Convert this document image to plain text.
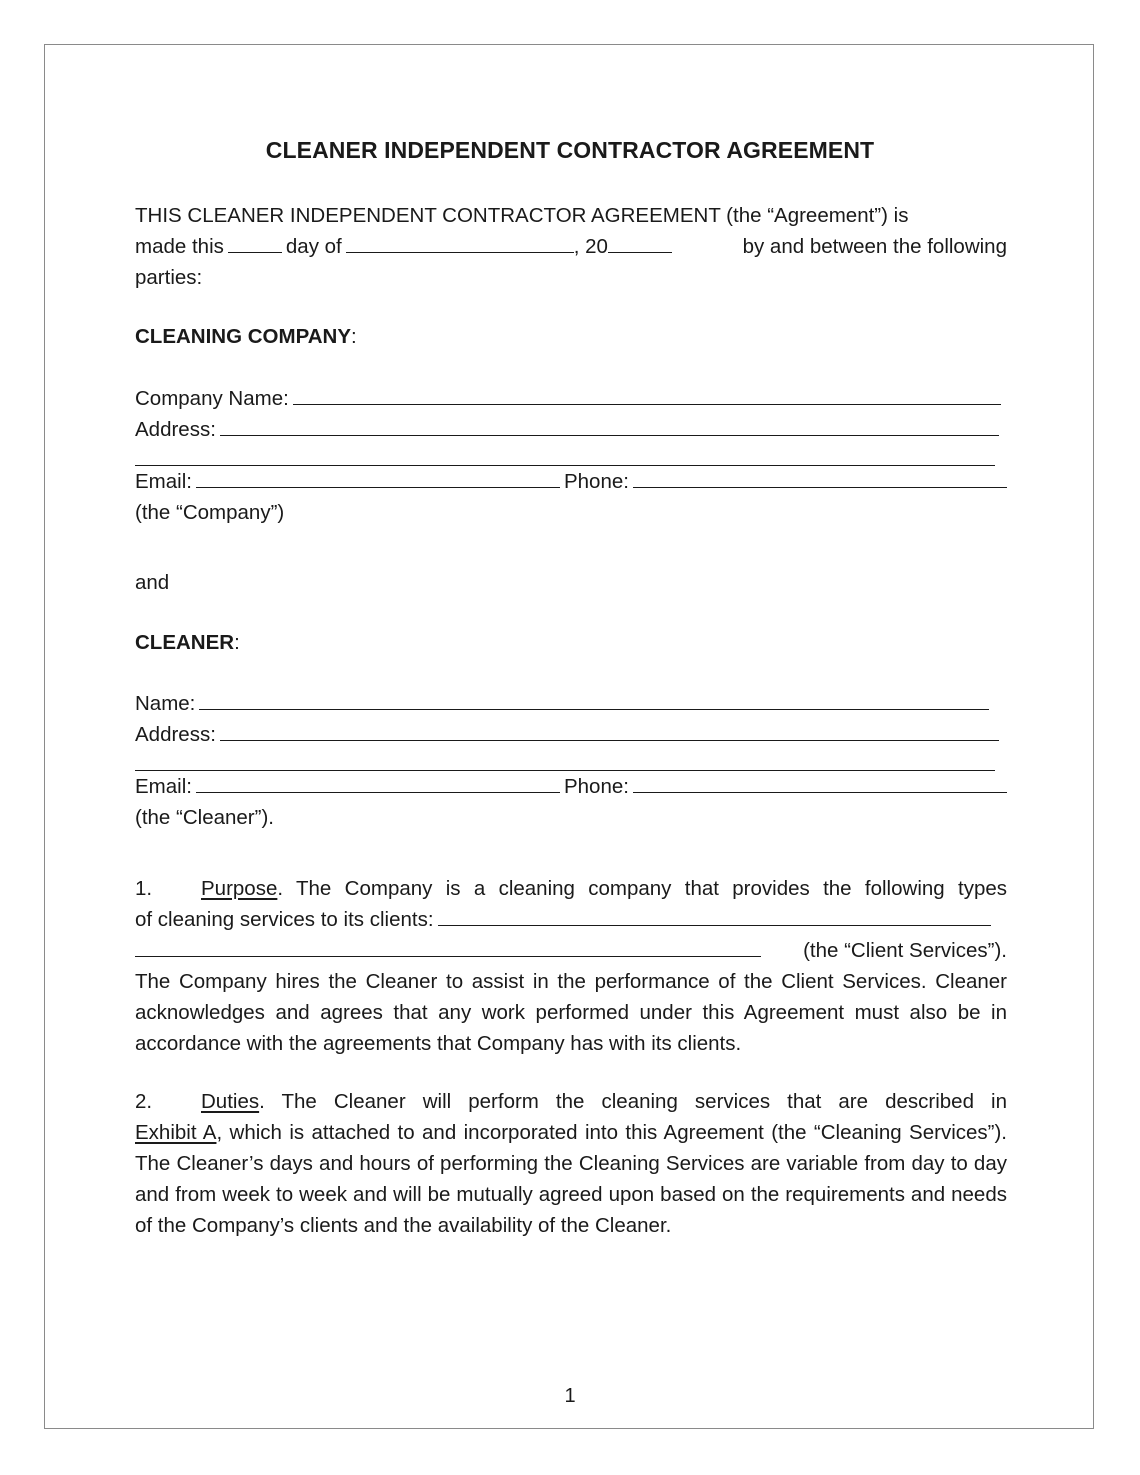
CLEANER INDEPENDENT CONTRACTOR AGREEMENT
THIS CLEANER INDEPENDENT CONTRACTOR AGREEMENT (the “Agreement”) is
made this	day of	, 20	by and between the following
parties:
CLEANING COMPANY :
Company Name:
Address:
Email:	Phone:
(the “Company”)
and
CLEANER :
Name:
Address:
Email:	Phone:
(the “Cleaner”).
1.	Purpose . The Company is a cleaning company that provides the following types
of cleaning services to its clients:
(the “Client Services”).
The Company hires the Cleaner to assist in the performance of the Client Services. Cleaner acknowledges and agrees that any work performed under this Agreement must also be in accordance with the agreements that Company has with its clients.
2.	Duties . The Cleaner will perform the cleaning services that are described in
Exhibit A, which is attached to and incorporated into this Agreement (the “Cleaning Services”). The Cleaner’s days and hours of performing the Cleaning Services are variable from day to day and from week to week and will be mutually agreed upon based on the requirements and needs of the Company’s clients and the availability of the Cleaner.
1
